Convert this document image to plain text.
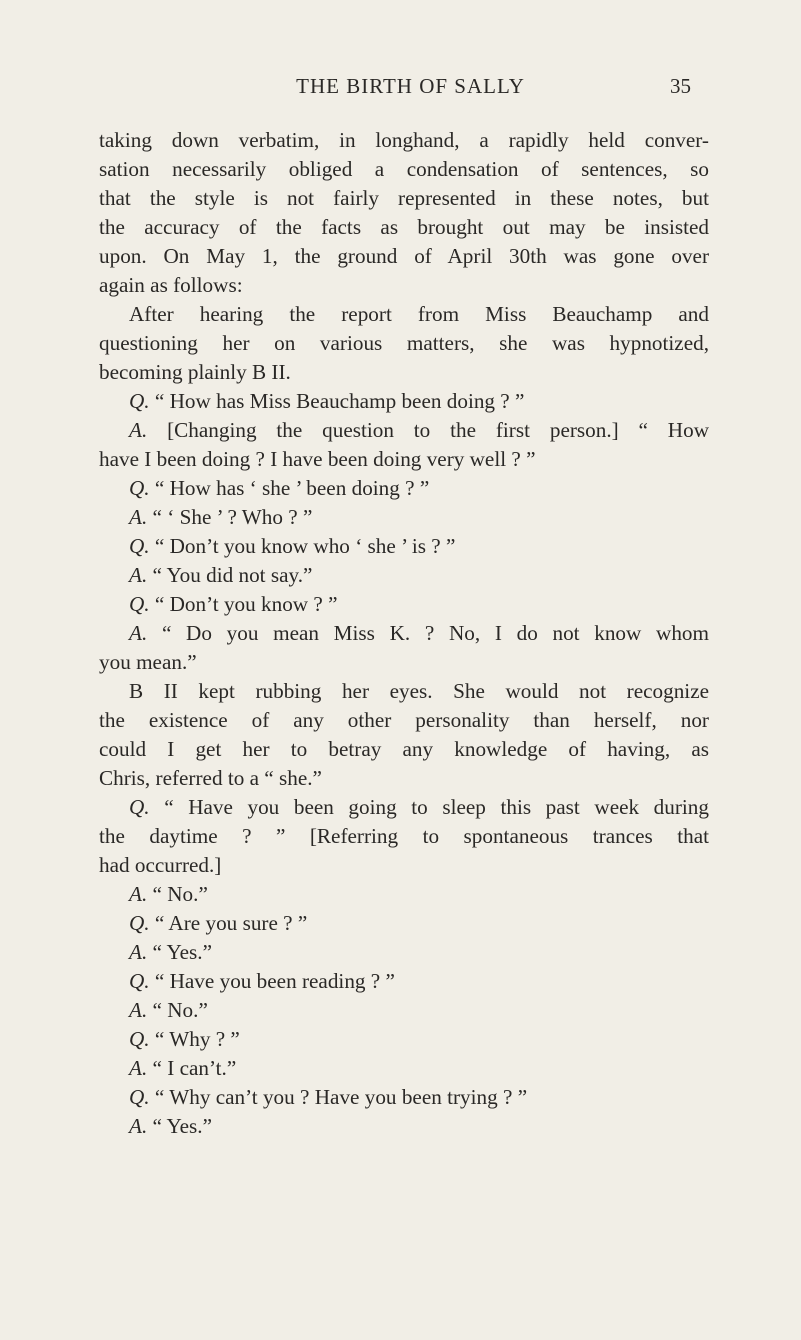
THE BIRTH OF SALLY	35

taking down verbatim, in longhand, a rapidly held conver-
sation necessarily obliged a condensation of sentences, so
that the style is not fairly represented in these notes, but
the accuracy of the facts as brought out may be insisted
upon. On May 1, the ground of April 30th was gone over
again as follows:

After hearing the report from Miss Beauchamp and
questioning her on various matters, she was hypnotized,
becoming plainly B II.

Q. “ How has Miss Beauchamp been doing ? ”

A. [Changing the question to the first person.] “ How
have I been doing ? I have been doing very well ? ”

Q. “ How has ‘ she ’ been doing ? ”

A. “ ‘ She ’ ? Who ? ”

Q. “ Don’t you know who ‘ she ’ is ? ”

A. “ You did not say.”

Q. “ Don’t you know ? ”

A. “ Do you mean Miss K. ? No, I do not know whom
you mean.”

B II kept rubbing her eyes. She would not recognize
the existence of any other personality than herself, nor
could I get her to betray any knowledge of having, as
Chris, referred to a “ she.”

Q. “ Have you been going to sleep this past week during
the daytime ? ” [Referring to spontaneous trances that
had occurred.]

A. “ No.”

Q. “ Are you sure ? ”

A. “ Yes.”

Q. “ Have you been reading ? ”

A. “ No.”

Q. “ Why ? ”

A. “ I can’t.”

Q. “ Why can’t you ? Have you been trying ? ”

A. “ Yes.”
